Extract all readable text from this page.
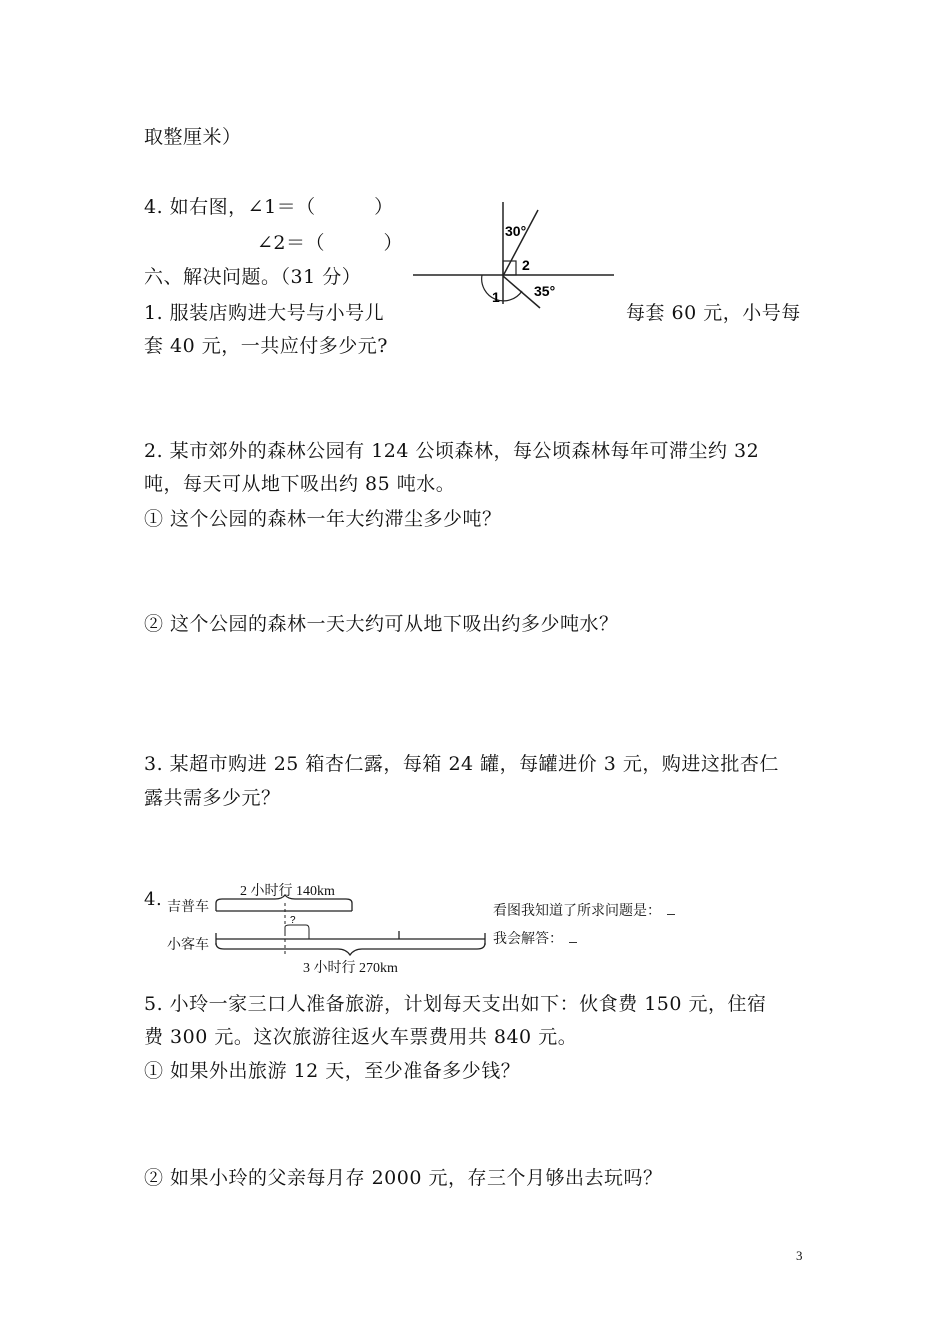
取整厘米）
4. 如右图，∠1＝（　　　）
∠2＝（　　　）
六、解决问题。（31 分）
30°
2
35°
1
1. 服装店购进大号与小号儿	每套 60 元，小号每
套 40 元，一共应付多少元?
2. 某市郊外的森林公园有 124 公顷森林，每公顷森林每年可滞尘约 32
吨，每天可从地下吸出约 85 吨水。
① 这个公园的森林一年大约滞尘多少吨？
② 这个公园的森林一天大约可从地下吸出约多少吨水？
3. 某超市购进 25 箱杏仁露，每箱 24 罐，每罐进价 3 元，购进这批杏仁
露共需多少元？
4. 吉普车
小客车
2 小时行 140km
3 小时行 270km
看图我知道了所求问题是：
我会解答：
?
5. 小玲一家三口人准备旅游，计划每天支出如下：伙食费 150 元，住宿
费 300 元。这次旅游往返火车票费用共 840 元。
① 如果外出旅游 12 天，至少准备多少钱？
② 如果小玲的父亲每月存 2000 元，存三个月够出去玩吗？
3
